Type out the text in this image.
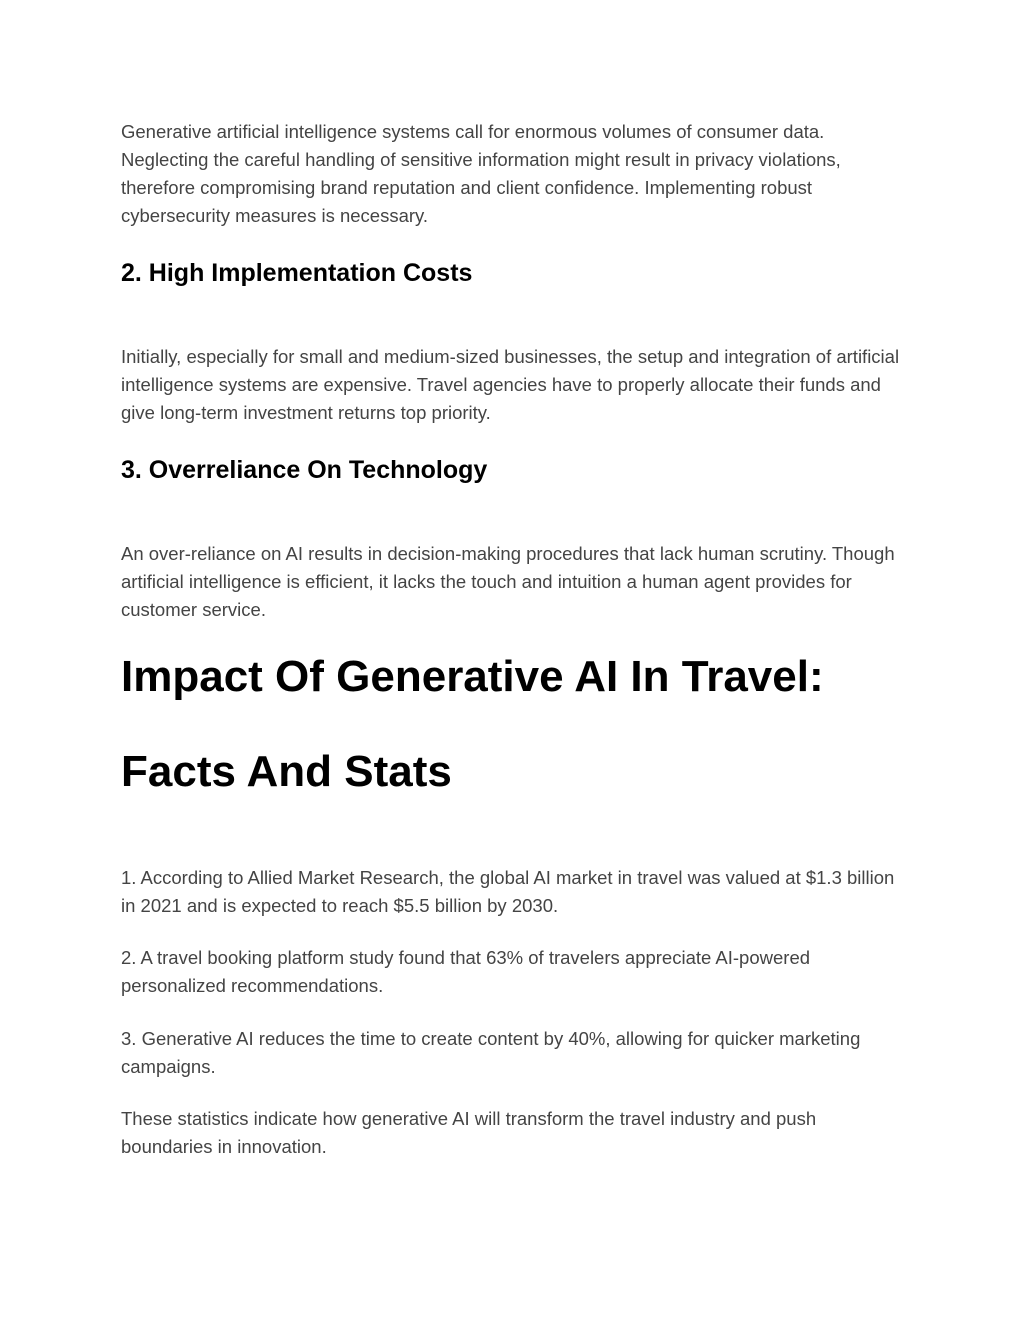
Generative artificial intelligence systems call for enormous volumes of consumer data. Neglecting the careful handling of sensitive information might result in privacy violations, therefore compromising brand reputation and client confidence. Implementing robust cybersecurity measures is necessary.

2. High Implementation Costs

Initially, especially for small and medium-sized businesses, the setup and integration of artificial intelligence systems are expensive. Travel agencies have to properly allocate their funds and give long-term investment returns top priority.

3. Overreliance On Technology

An over-reliance on AI results in decision-making procedures that lack human scrutiny. Though artificial intelligence is efficient, it lacks the touch and intuition a human agent provides for customer service.

Impact Of Generative AI In Travel:
Facts And Stats

1. According to Allied Market Research, the global AI market in travel was valued at $1.3 billion in 2021 and is expected to reach $5.5 billion by 2030.

2. A travel booking platform study found that 63% of travelers appreciate AI-powered personalized recommendations.

3. Generative AI reduces the time to create content by 40%, allowing for quicker marketing campaigns.

These statistics indicate how generative AI will transform the travel industry and push boundaries in innovation.
